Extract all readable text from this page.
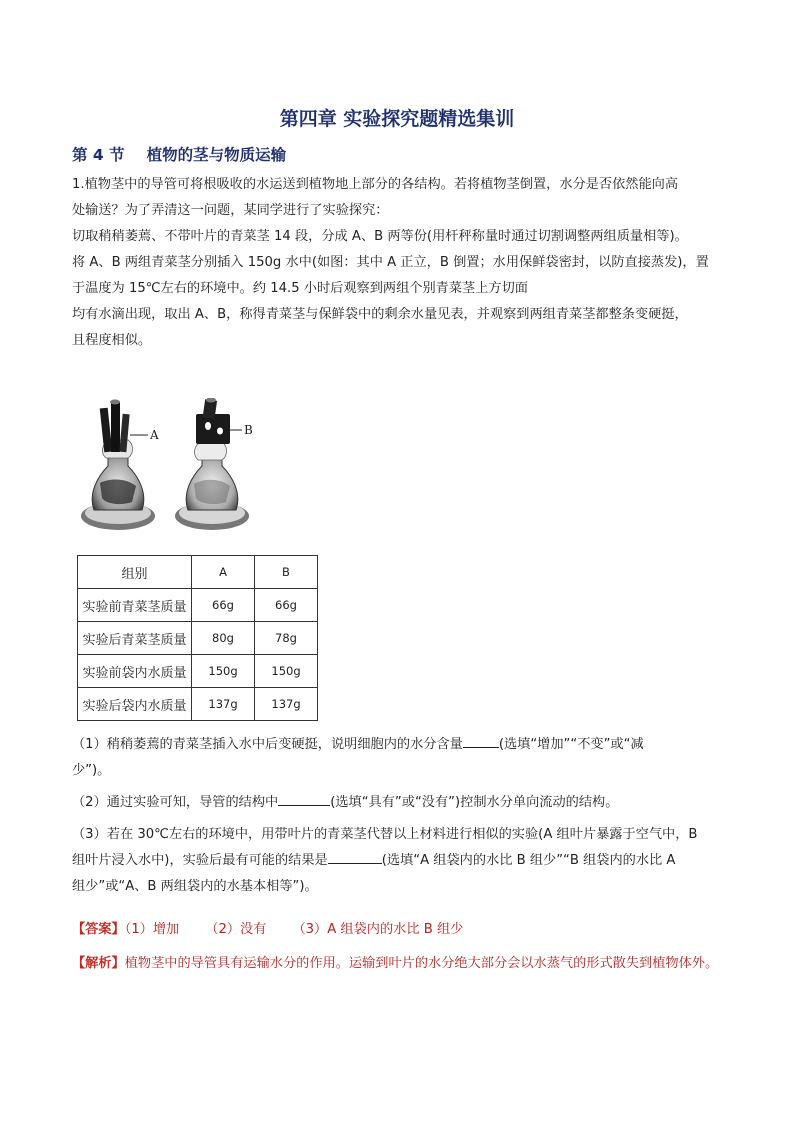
第四章 实验探究题精选集训
第 4 节 植物的茎与物质运输
1.植物茎中的导管可将根吸收的水运送到植物地上部分的各结构。若将植物茎倒置，水分是否依然能向高
处输送？为了弄清这一问题，某同学进行了实验探究：
切取稍稍萎蔫、不带叶片的青菜茎 14 段，分成 A、B 两等份(用杆秤称量时通过切割调整两组质量相等)。
将 A、B 两组青菜茎分别插入 150g 水中(如图：其中 A 正立，B 倒置；水用保鲜袋密封，以防直接蒸发)，置
于温度为 15℃左右的环境中。约 14.5 小时后观察到两组个别青菜茎上方切面
均有水滴出现，取出 A、B，称得青菜茎与保鲜袋中的剩余水量见表，并观察到两组青菜茎都整条变硬挺，
且程度相似。
A	B
组别	A	B
实验前青菜茎质量	66g	66g
实验后青菜茎质量	80g	78g
实验前袋内水质量	150g	150g
实验后袋内水质量	137g	137g
（1）稍稍萎蔫的青菜茎插入水中后变硬挺，说明细胞内的水分含量	(选填“增加”“不变”或“减
少”)。
（2）通过实验可知，导管的结构中	(选填“具有”或“没有”)控制水分单向流动的结构。
（3）若在 30℃左右的环境中，用带叶片的青菜茎代替以上材料进行相似的实验(A 组叶片暴露于空气中，B
组叶片浸入水中)，实验后最有可能的结果是	(选填“A 组袋内的水比 B 组少”“B 组袋内的水比 A
组少”或“A、B 两组袋内的水基本相等”)。
【答案】（1）增加 （2）没有 （3）A 组袋内的水比 B 组少
【解析】植物茎中的导管具有运输水分的作用。运输到叶片的水分绝大部分会以水蒸气的形式散失到植物体外。
